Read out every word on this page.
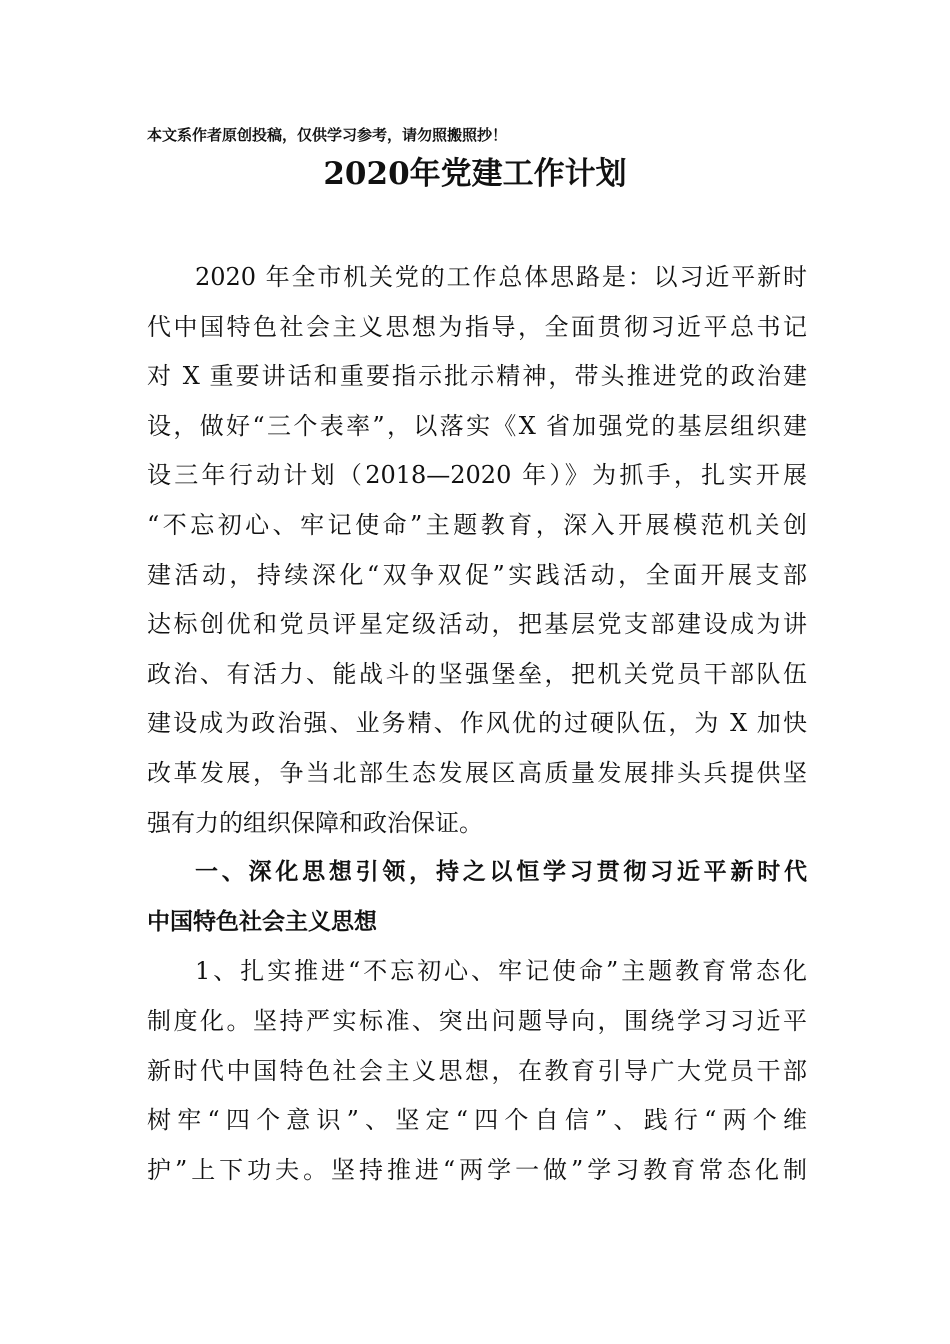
本文系作者原创投稿，仅供学习参考，请勿照搬照抄！
2020年党建工作计划
2020 年全市机关党的工作总体思路是：以习近平新时
代中国特色社会主义思想为指导，全面贯彻习近平总书记
对 X 重要讲话和重要指示批示精神，带头推进党的政治建
设，做好“三个表率”，以落实《X 省加强党的基层组织建
设三年行动计划（2018—2020 年）》为抓手，扎实开展
“不忘初心、牢记使命”主题教育，深入开展模范机关创
建活动，持续深化“双争双促”实践活动，全面开展支部
达标创优和党员评星定级活动，把基层党支部建设成为讲
政治、有活力、能战斗的坚强堡垒，把机关党员干部队伍
建设成为政治强、业务精、作风优的过硬队伍，为 X 加快
改革发展，争当北部生态发展区高质量发展排头兵提供坚
强有力的组织保障和政治保证。
一、深化思想引领，持之以恒学习贯彻习近平新时代
中国特色社会主义思想
1、扎实推进“不忘初心、牢记使命”主题教育常态化
制度化。坚持严实标准、突出问题导向，围绕学习习近平
新时代中国特色社会主义思想，在教育引导广大党员干部
树牢“四个意识”、坚定“四个自信”、践行“两个维
护”上下功夫。坚持推进“两学一做”学习教育常态化制
